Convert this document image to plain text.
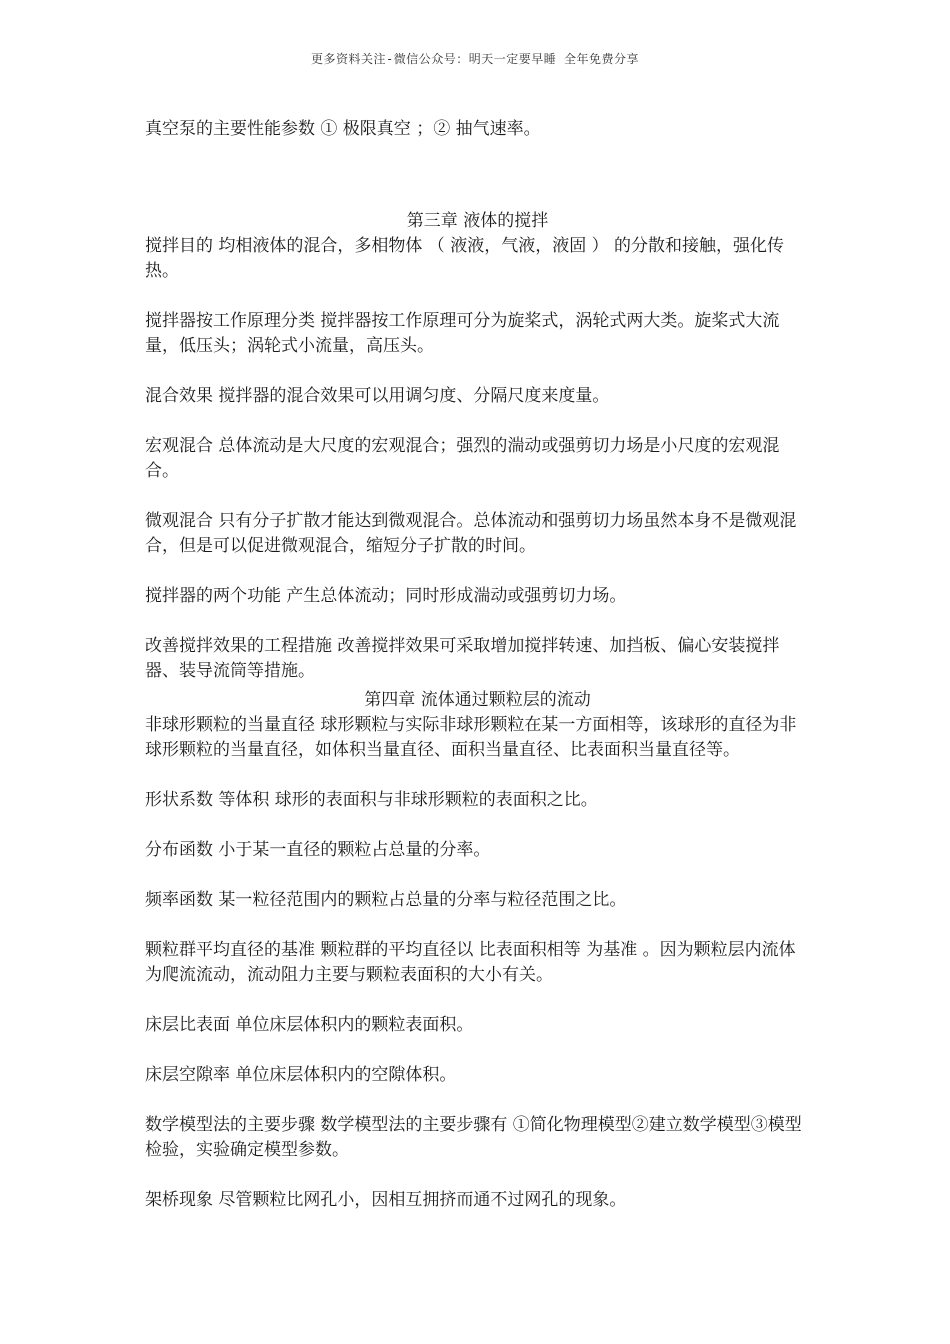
更多资料关注-微信公众号：明天一定要早睡 全年免费分享

真空泵的主要性能参数 ① 极限真空 ；② 抽气速率。

第三章 液体的搅拌

搅拌目的 均相液体的混合，多相物体 （ 液液，气液，液固 ） 的分散和接触，强化传热。

搅拌器按工作原理分类 搅拌器按工作原理可分为旋桨式，涡轮式两大类。旋桨式大流量，低压头；涡轮式小流量，高压头。

混合效果 搅拌器的混合效果可以用调匀度、分隔尺度来度量。

宏观混合 总体流动是大尺度的宏观混合；强烈的湍动或强剪切力场是小尺度的宏观混合。

微观混合 只有分子扩散才能达到微观混合。总体流动和强剪切力场虽然本身不是微观混合，但是可以促进微观混合，缩短分子扩散的时间。

搅拌器的两个功能 产生总体流动；同时形成湍动或强剪切力场。

改善搅拌效果的工程措施 改善搅拌效果可采取增加搅拌转速、加挡板、偏心安装搅拌器、装导流筒等措施。

第四章 流体通过颗粒层的流动

非球形颗粒的当量直径 球形颗粒与实际非球形颗粒在某一方面相等，该球形的直径为非球形颗粒的当量直径，如体积当量直径、面积当量直径、比表面积当量直径等。

形状系数 等体积 球形的表面积与非球形颗粒的表面积之比。

分布函数 小于某一直径的颗粒占总量的分率。

频率函数 某一粒径范围内的颗粒占总量的分率与粒径范围之比。

颗粒群平均直径的基准 颗粒群的平均直径以 比表面积相等 为基准 。因为颗粒层内流体为爬流流动，流动阻力主要与颗粒表面积的大小有关。

床层比表面 单位床层体积内的颗粒表面积。

床层空隙率 单位床层体积内的空隙体积。

数学模型法的主要步骤 数学模型法的主要步骤有 ①简化物理模型②建立数学模型③模型检验，实验确定模型参数。

架桥现象 尽管颗粒比网孔小，因相互拥挤而通不过网孔的现象。
